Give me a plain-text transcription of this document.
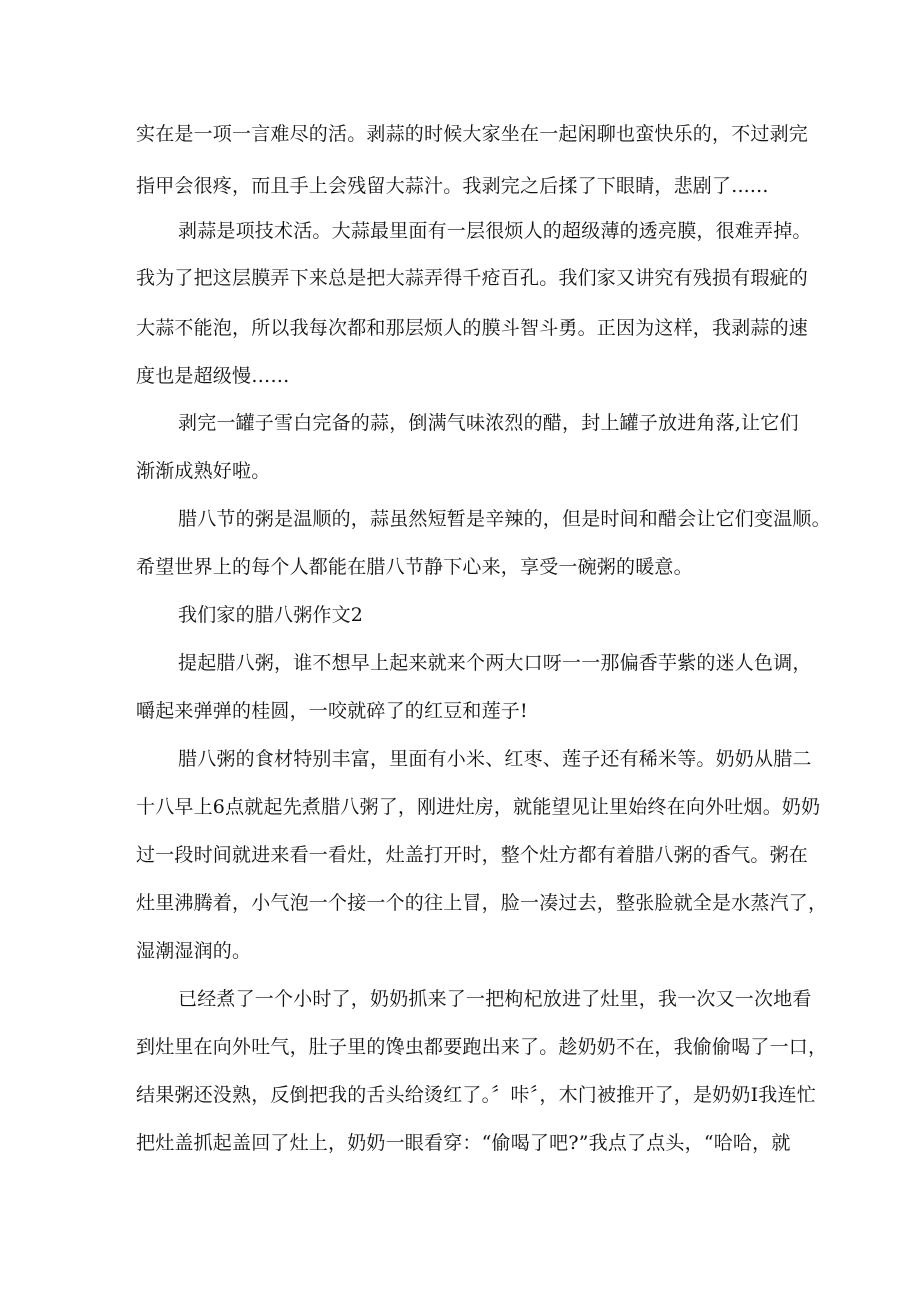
实在是一项一言难尽的活。剥蒜的时候大家坐在一起闲聊也蛮快乐的，不过剥完
指甲会很疼，而且手上会残留大蒜汁。我剥完之后揉了下眼睛，悲剧了......
剥蒜是项技术活。大蒜最里面有一层很烦人的超级薄的透亮膜，很难弄掉。
我为了把这层膜弄下来总是把大蒜弄得千疮百孔。我们家又讲究有残损有瑕疵的
大蒜不能泡，所以我每次都和那层烦人的膜斗智斗勇。正因为这样，我剥蒜的速
度也是超级慢……
剥完一罐子雪白完备的蒜，倒满气味浓烈的醋，封上罐子放进角落,让它们
渐渐成熟好啦。
腊八节的粥是温顺的，蒜虽然短暂是辛辣的，但是时间和醋会让它们变温顺。
希望世界上的每个人都能在腊八节静下心来，享受一碗粥的暖意。
我们家的腊八粥作文2
提起腊八粥，谁不想早上起来就来个两大口呀一一那偏香芋紫的迷人色调，
嚼起来弹弹的桂圆，一咬就碎了的红豆和莲子!
腊八粥的食材特别丰富，里面有小米、红枣、莲子还有稀米等。奶奶从腊二
十八早上6点就起先煮腊八粥了，刚进灶房，就能望见让里始终在向外吐烟。奶奶
过一段时间就进来看一看灶，灶盖打开时，整个灶方都有着腊八粥的香气。粥在
灶里沸腾着，小气泡一个接一个的往上冒，脸一凑过去，整张脸就全是水蒸汽了，
湿潮湿润的。
已经煮了一个小时了，奶奶抓来了一把枸杞放进了灶里，我一次又一次地看
到灶里在向外吐气，肚子里的馋虫都要跑出来了。趁奶奶不在，我偷偷喝了一口，
结果粥还没熟，反倒把我的舌头给烫红了。〞咔〞，木门被推开了，是奶奶I我连忙
把灶盖抓起盖回了灶上，奶奶一眼看穿：“偷喝了吧?”我点了点头，“哈哈，就
